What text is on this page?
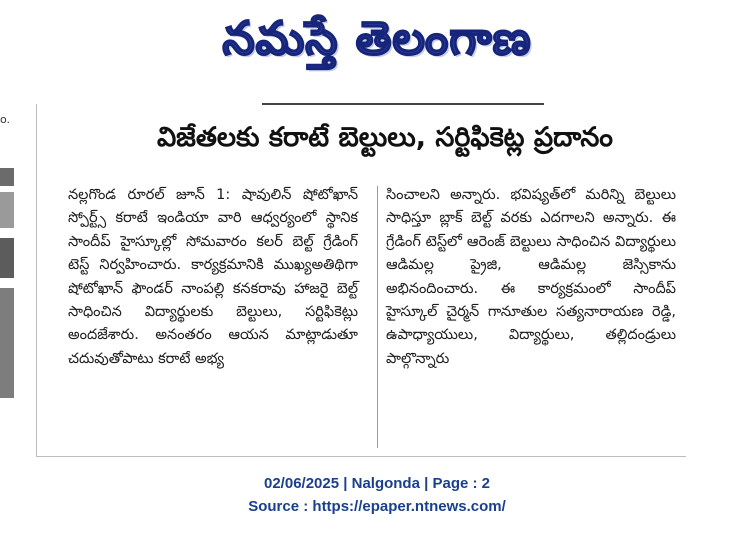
నమస్తే తెలంగాణ
o.
విజేతలకు కరాటే బెల్టులు, సర్టిఫికెట్ల ప్రదానం

నల్లగొండ రూరల్ జూన్ 1: షావులిన్ షోటోఖాన్ స్పోర్ట్స్ కరాటే ఇండియా వారి ఆధ్వర్యంలో స్థానిక సాందీప్ హైస్కూల్లో సోమవారం కలర్ బెల్ట్ గ్రేడింగ్ టెస్ట్ నిర్వహించారు. కార్యక్రమానికి ముఖ్యఅతిథిగా షోటోఖాన్ ఫౌండర్ నాంపల్లి కనకరావు హాజరై బెల్ట్ సాధించిన విద్యార్థులకు బెల్టులు, సర్టిఫికెట్లు అందజేశారు. అనంతరం ఆయన మాట్లాడుతూ చదువుతోపాటు కరాటే అభ్య

సించాలని అన్నారు. భవిష్యత్‌లో మరిన్ని బెల్టులు సాధిస్తూ బ్లాక్ బెల్ట్ వరకు ఎదగాలని అన్నారు. ఈ గ్రేడింగ్ టెస్ట్‌లో ఆరెంజ్ బెల్టులు సాధించిన విద్యార్థులు ఆడిమల్ల ప్రైజి, ఆడిమల్ల జెస్సికాను అభినందించారు. ఈ కార్యక్రమంలో సాందీప్ హైస్కూల్ చైర్మన్ గానూతుల సత్యనారాయణ రెడ్డి, ఉపాధ్యాయులు, విద్యార్థులు, తల్లిదండ్రులు పాల్గొన్నారు

02/06/2025 | Nalgonda | Page : 2
Source : https://epaper.ntnews.com/
